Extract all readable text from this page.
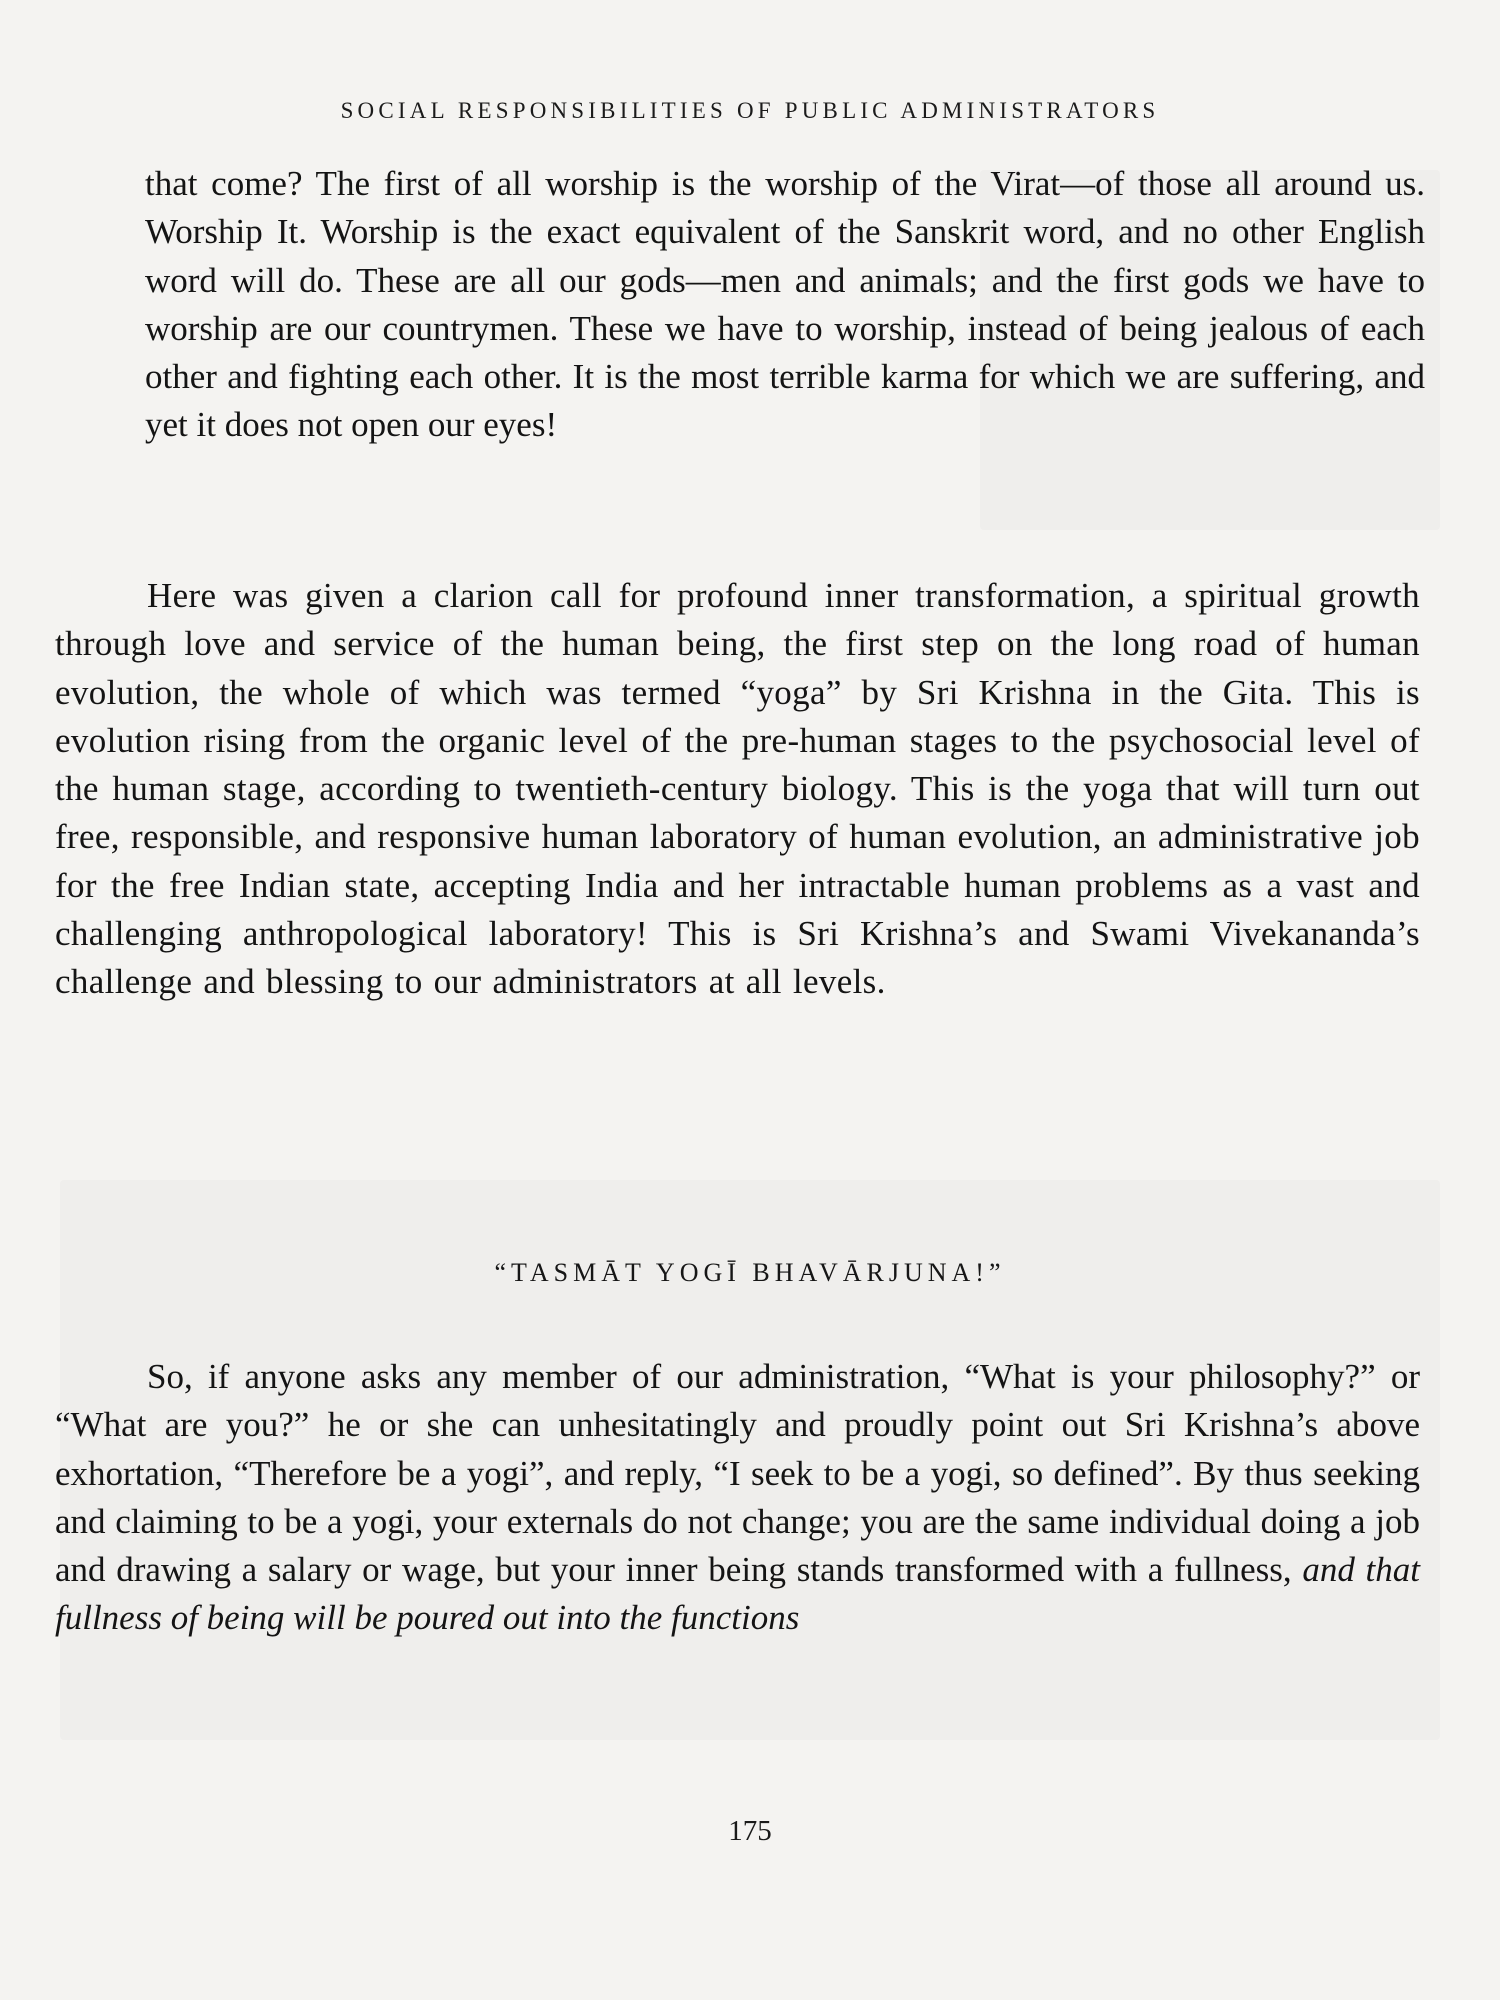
SOCIAL RESPONSIBILITIES OF PUBLIC ADMINISTRATORS
that come? The first of all worship is the worship of the Virat—of those all around us. Worship It. Worship is the exact equivalent of the Sanskrit word, and no other English word will do. These are all our gods—men and animals; and the first gods we have to worship are our countrymen. These we have to worship, instead of being jealous of each other and fighting each other. It is the most terrible karma for which we are suffering, and yet it does not open our eyes!
Here was given a clarion call for profound inner transformation, a spiritual growth through love and service of the human being, the first step on the long road of human evolution, the whole of which was termed “yoga” by Sri Krishna in the Gita. This is evolution rising from the organic level of the pre-human stages to the psychosocial level of the human stage, according to twentieth-century biology. This is the yoga that will turn out free, responsible, and responsive human laboratory of human evolution, an administrative job for the free Indian state, accepting India and her intractable human problems as a vast and challenging anthropological laboratory! This is Sri Krishna’s and Swami Vivekananda’s challenge and blessing to our administrators at all levels.
“TASMĀT YOGĪ BHAVĀRJUNA!”
So, if anyone asks any member of our administration, “What is your philosophy?” or “What are you?” he or she can unhesitatingly and proudly point out Sri Krishna’s above exhortation, “Therefore be a yogi”, and reply, “I seek to be a yogi, so defined”. By thus seeking and claiming to be a yogi, your externals do not change; you are the same individual doing a job and drawing a salary or wage, but your inner being stands transformed with a fullness, and that fullness of being will be poured out into the functions
175
